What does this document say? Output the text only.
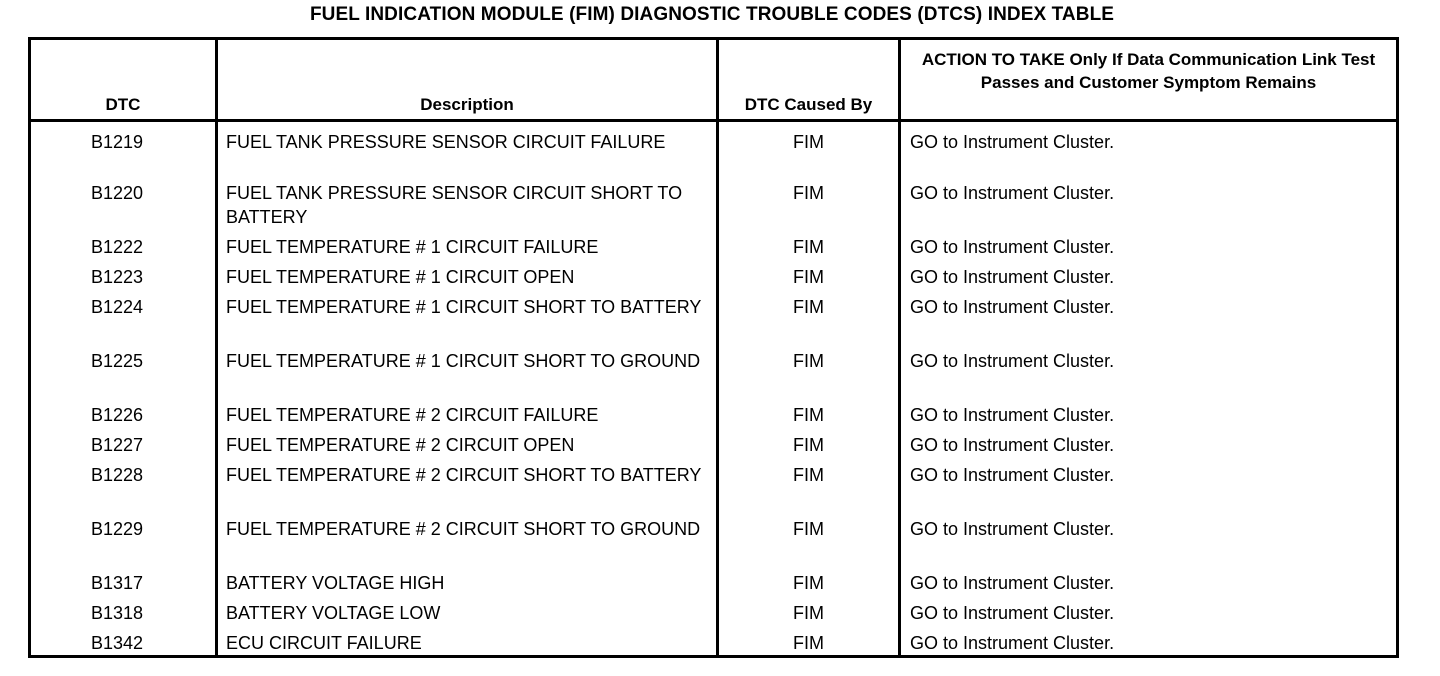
FUEL INDICATION MODULE (FIM) DIAGNOSTIC TROUBLE CODES (DTCS) INDEX TABLE
DTC	Description	DTC Caused By	ACTION TO TAKE Only If Data Communication Link Test Passes and Customer Symptom Remains
B1219	FUEL TANK PRESSURE SENSOR CIRCUIT FAILURE	FIM	GO to Instrument Cluster.
B1220	FUEL TANK PRESSURE SENSOR CIRCUIT SHORT TO BATTERY	FIM	GO to Instrument Cluster.
B1222	FUEL TEMPERATURE # 1 CIRCUIT FAILURE	FIM	GO to Instrument Cluster.
B1223	FUEL TEMPERATURE # 1 CIRCUIT OPEN	FIM	GO to Instrument Cluster.
B1224	FUEL TEMPERATURE # 1 CIRCUIT SHORT TO BATTERY	FIM	GO to Instrument Cluster.
B1225	FUEL TEMPERATURE # 1 CIRCUIT SHORT TO GROUND	FIM	GO to Instrument Cluster.
B1226	FUEL TEMPERATURE # 2 CIRCUIT FAILURE	FIM	GO to Instrument Cluster.
B1227	FUEL TEMPERATURE # 2 CIRCUIT OPEN	FIM	GO to Instrument Cluster.
B1228	FUEL TEMPERATURE # 2 CIRCUIT SHORT TO BATTERY	FIM	GO to Instrument Cluster.
B1229	FUEL TEMPERATURE # 2 CIRCUIT SHORT TO GROUND	FIM	GO to Instrument Cluster.
B1317	BATTERY VOLTAGE HIGH	FIM	GO to Instrument Cluster.
B1318	BATTERY VOLTAGE LOW	FIM	GO to Instrument Cluster.
B1342	ECU CIRCUIT FAILURE	FIM	GO to Instrument Cluster.
